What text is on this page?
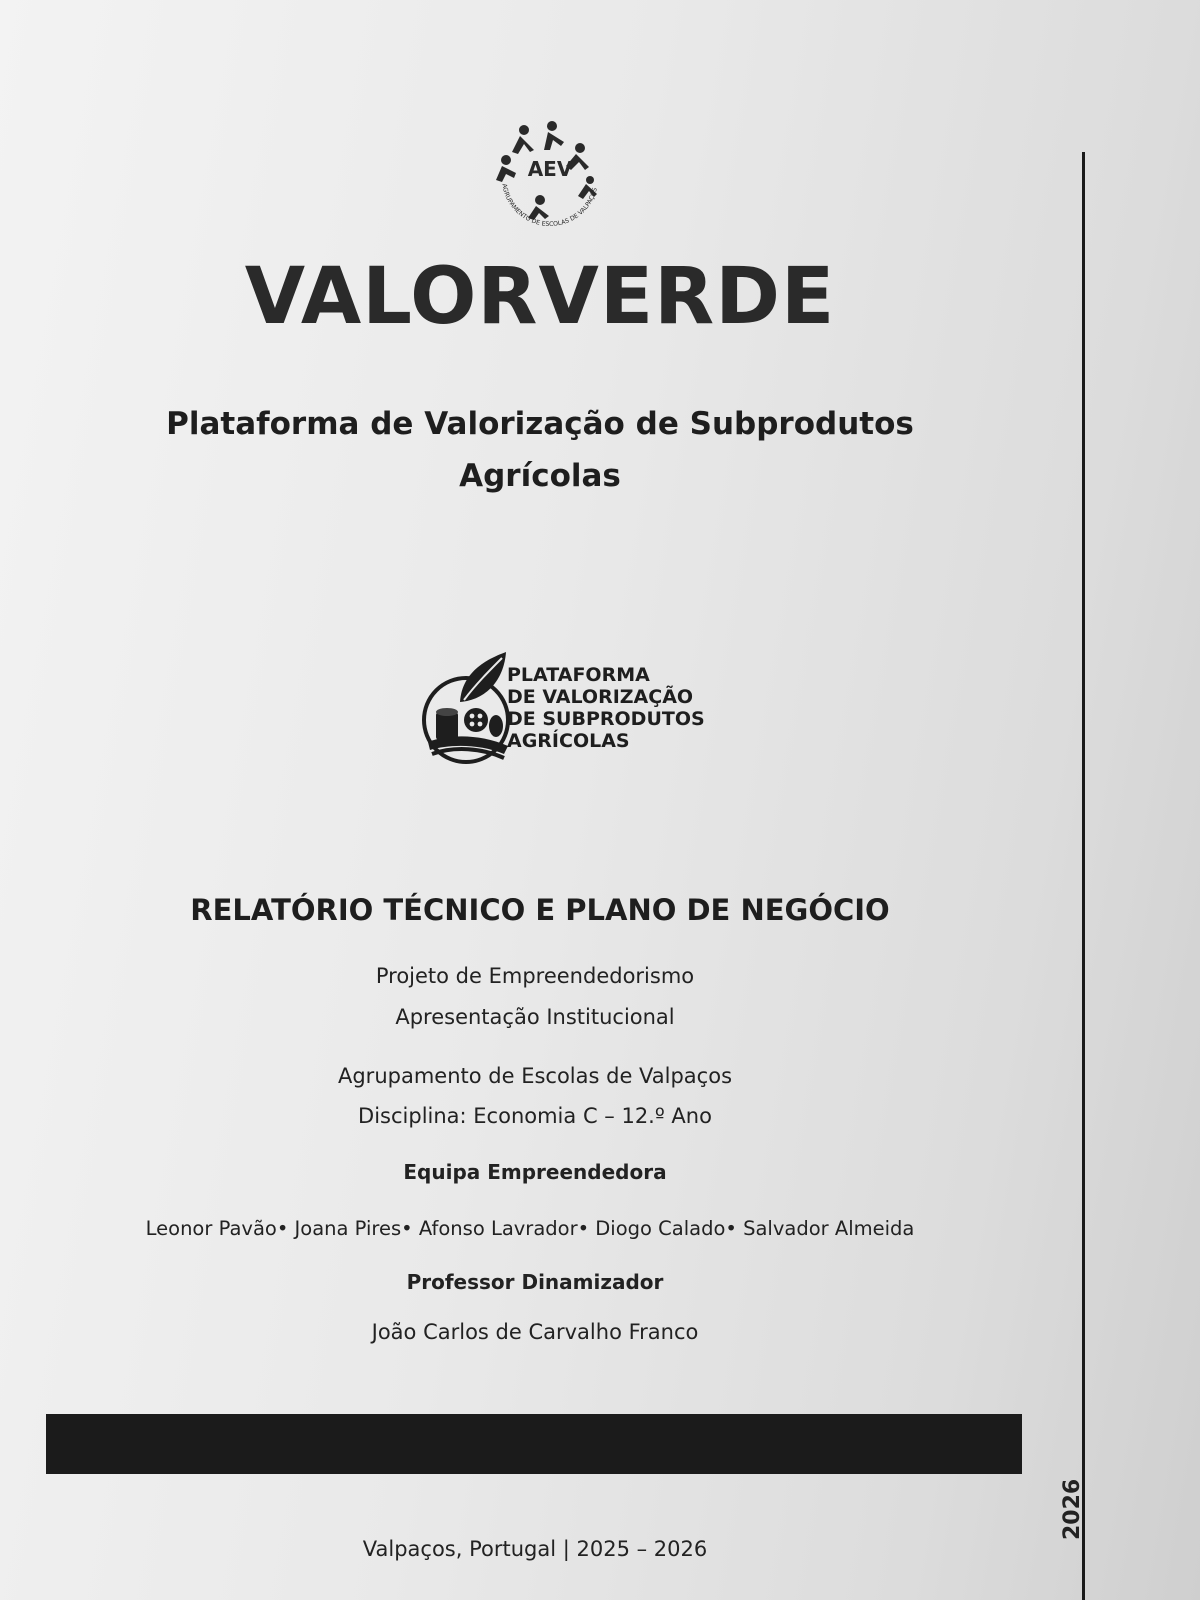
AEV
AGRUPAMENTO DE ESCOLAS DE VALPAÇOS
VALORVERDE
Plataforma de Valorização de Subprodutos
Agrícolas
PLATAFORMA
DE VALORIZAÇÃO
DE SUBPRODUTOS
AGRÍCOLAS
RELATÓRIO TÉCNICO E PLANO DE NEGÓCIO
Projeto de Empreendedorismo
Apresentação Institucional
Agrupamento de Escolas de Valpaços
Disciplina: Economia C – 12.º Ano
Equipa Empreendedora
Leonor Pavão• Joana Pires• Afonso Lavrador• Diogo Calado• Salvador Almeida
Professor Dinamizador
João Carlos de Carvalho Franco
Valpaços, Portugal | 2025 – 2026
2026
